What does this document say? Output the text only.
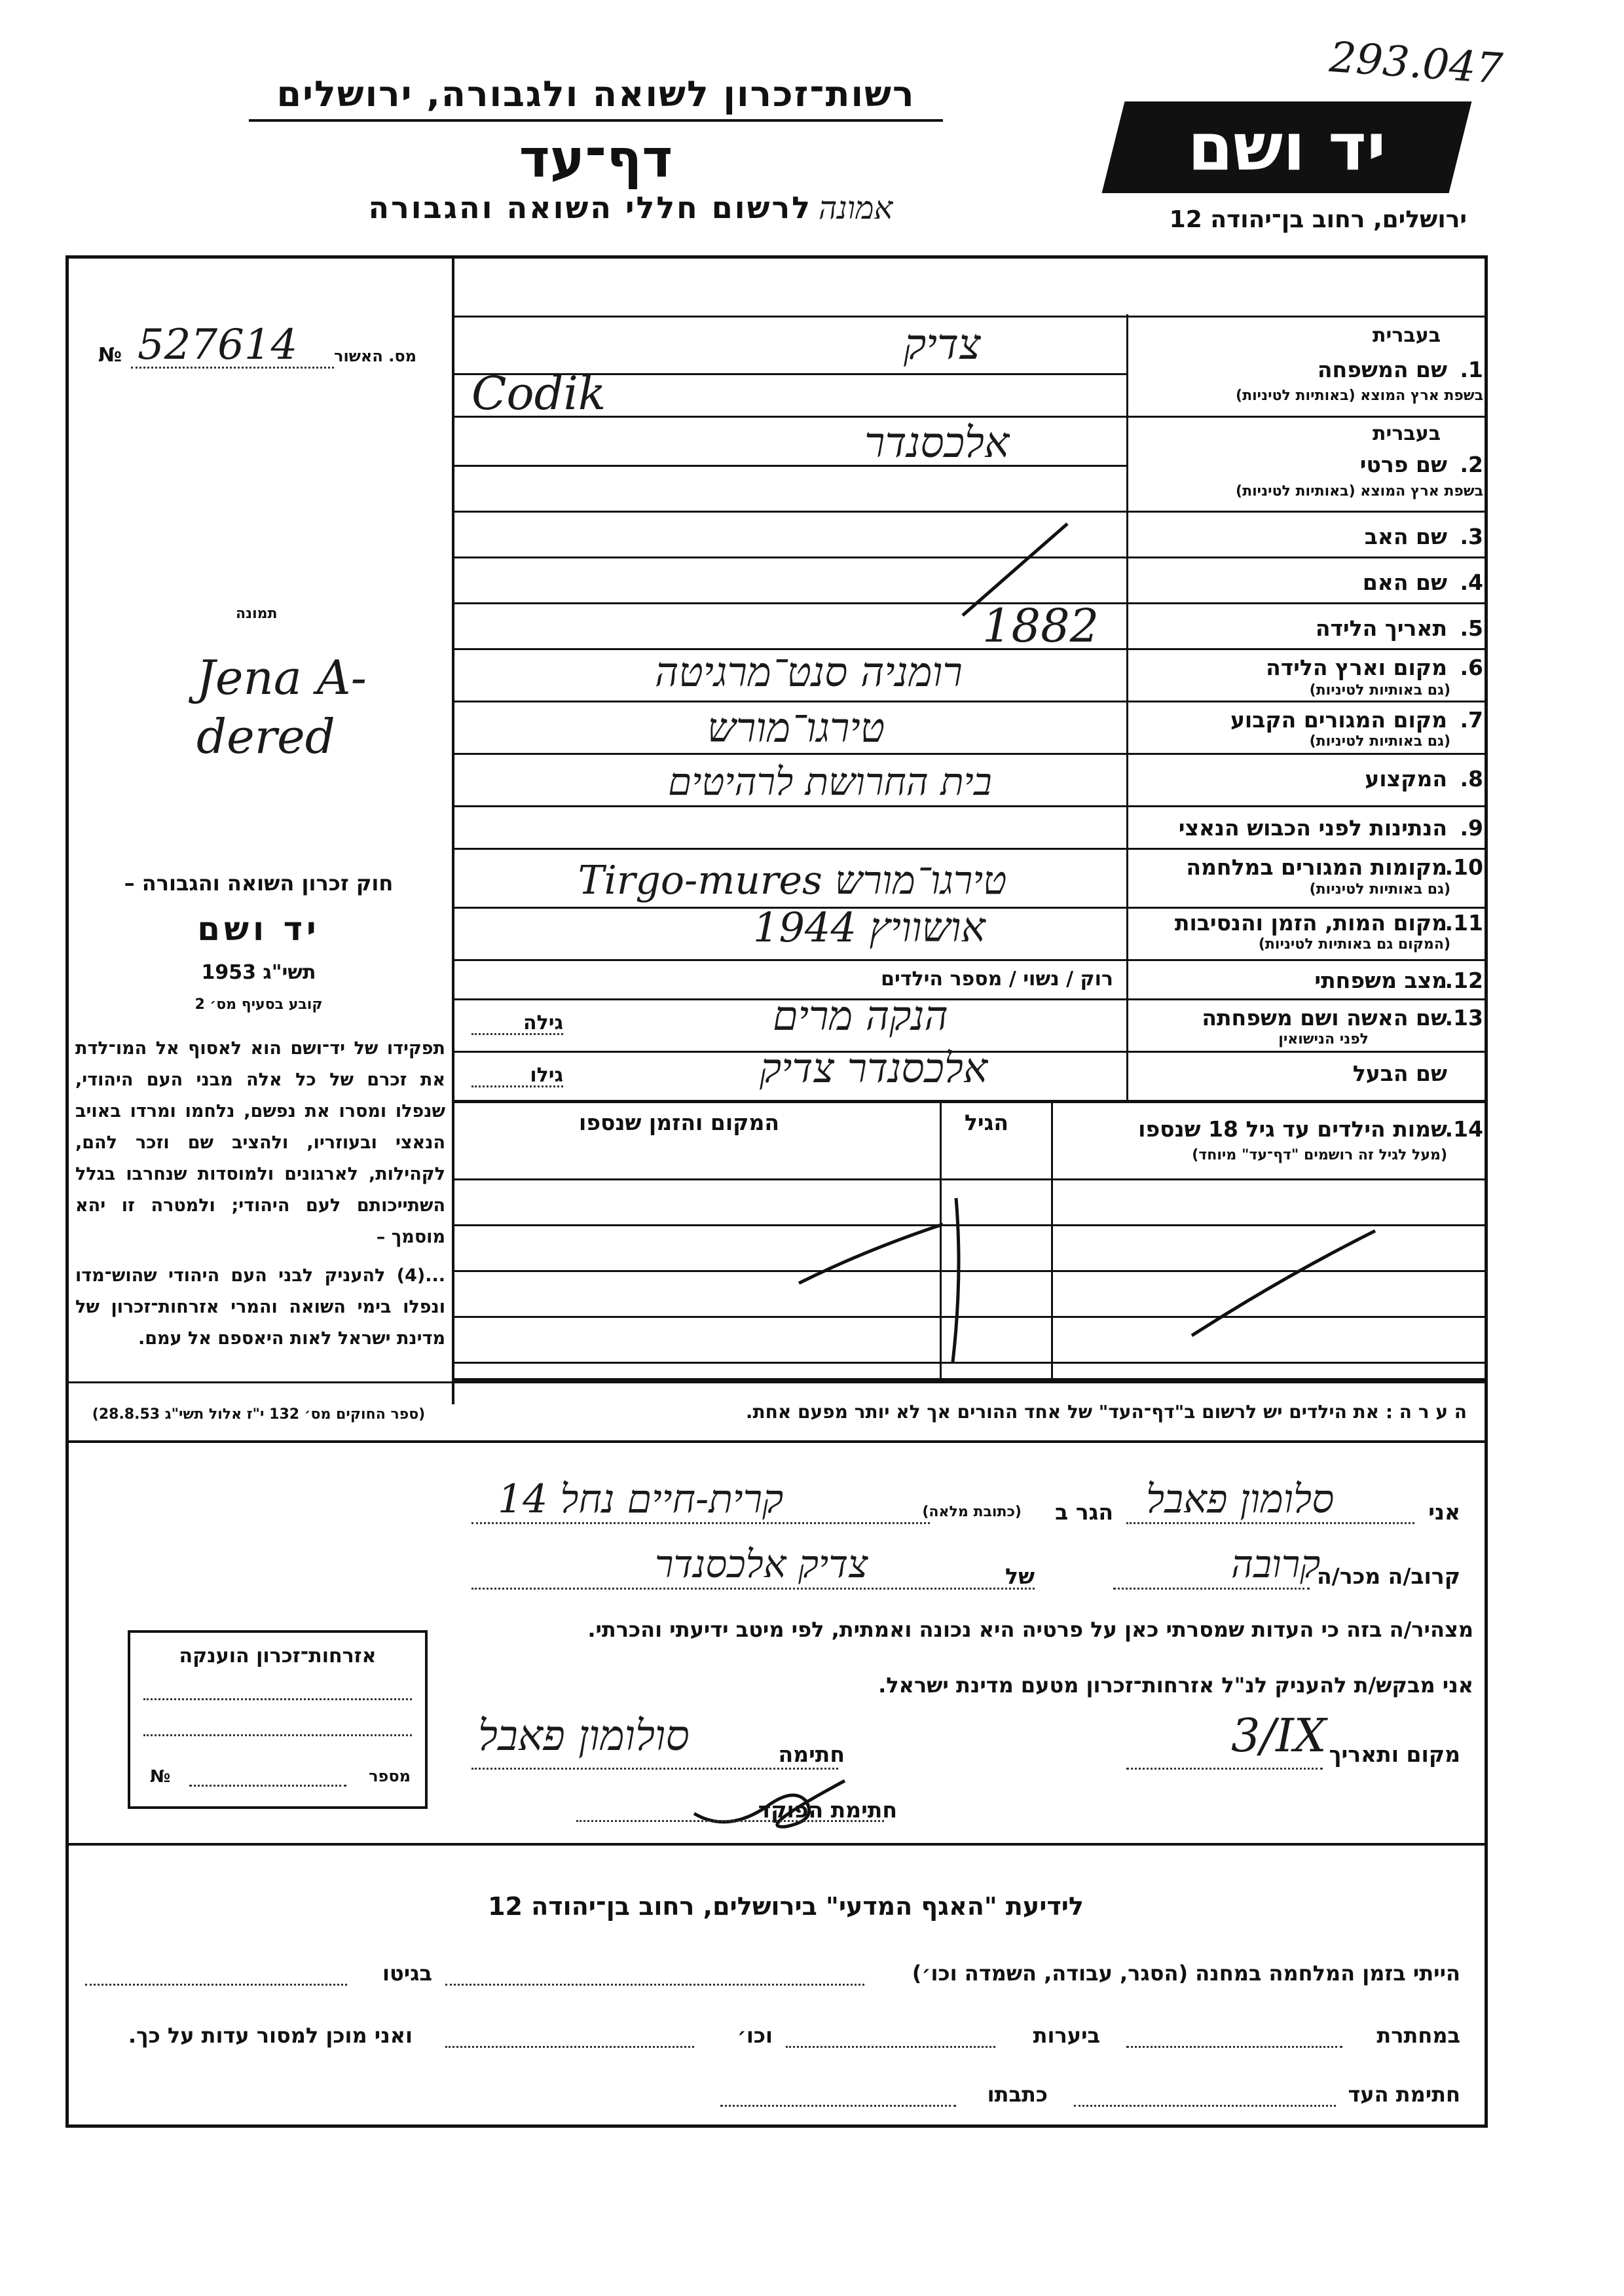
293.047
רשות־זכרון לשואה ולגבורה, ירושלים
דף־עד
לרשום חללי השואה והגבורה אמונה
יד ושם
ירושלים, רחוב בן־יהודה 12
№ 527614 מס. האשור
תמונה
Jena A- dered
חוק זכרון השואה והגבורה –
יד ושם
תשי"ג 1953
קובע בסעיף מס׳ 2
תפקידו של יד־ושם הוא לאסוף אל המו־לדת את זכרם של כל אלה מבני העם היהודי, שנפלו ומסרו את נפשם, נלחמו ומרדו באויב הנאצי ובעוזריו, ולהציב שם וזכר להם, לקהילות, לארגונים ולמוסדות שנחרבו בגלל השתייכותם לעם היהודי; ולמטרה זו יהא מוסמך –
...(4) להעניק לבני העם היהודי שהוש־מדו ונפלו בימי השואה והמרי אזרחות־זכרון של מדינת ישראל לאות היאספם אל עמם.
(ספר החוקים מס׳ 132 י"ז אלול תשי"ג 28.8.53)
בעברית
1.
שם המשפחה
בשפת ארץ המוצא (באותיות לטיניות)
צדיק
Codik
בעברית
2.
שם פרטי
בשפת ארץ המוצא (באותיות לטיניות)
אלכסנדר
3.
שם האב
4.
שם האם
5.
תאריך הלידה
1882
6.
מקום וארץ הלידה
(גם באותיות לטיניות)
רומניה סנט־מרגיטה
7.
מקום המגורים הקבוע
(גם באותיות לטיניות)
טירגו־מורש
8.
המקצוע
בית החרושת לרהיטים
9.
הנתינות לפני הכבוש הנאצי
10.
מקומות המגורים במלחמה
(גם באותיות לטיניות)
טירגו־מורש Tirgo-mures
11.
מקום המות, הזמן והנסיבות
(המקום גם באותיות לטיניות)
אושוויץ 1944
12.
מצב משפחתי
רוק / נשוי / מספר הילדים
13.
שם האשה ושם משפחתה
לפני הנישואין
הנקה מרים
גילה
שם הבעל
אלכסנדר צדיק
גילו
14.
שמות הילדים עד גיל 18 שנספו
(מעל לגיל זה רושמים "דף־עד" מיוחד)
הגיל
המקום והזמן שנספו
ה ע ר ה : את הילדים יש לרשום ב"דף־העד" של אחד ההורים אך לא יותר מפעם אחת.
אני
סלומון פאבל
הגר ב
(כתובת מלאה)
קרית-חיים נחל 14
קרוב/ה מכר/ה
קרובה
של
צדיק אלכסנדר
מצהיר/ה בזה כי העדות שמסרתי כאן על פרטיה היא נכונה ואמתית, לפי מיטב ידיעתי והכרתי.
אני מבקש/ת להעניק לנ"ל אזרחות־זכרון מטעם מדינת ישראל.
מקום ותאריך
3/IX
חתימה
סולומון פאבל
חתימת הפוקד
אזרחות־זכרון הוענקה
מספר
№
לידיעת "האגף המדעי" בירושלים, רחוב בן־יהודה 12
הייתי בזמן המלחמה במחנה (הסגר, עבודה, השמדה וכו׳)
בגיטו
במחתרת
ביערות
וכו׳
ואני מוכן למסור עדות על כך.
חתימת העד
כתבתו
